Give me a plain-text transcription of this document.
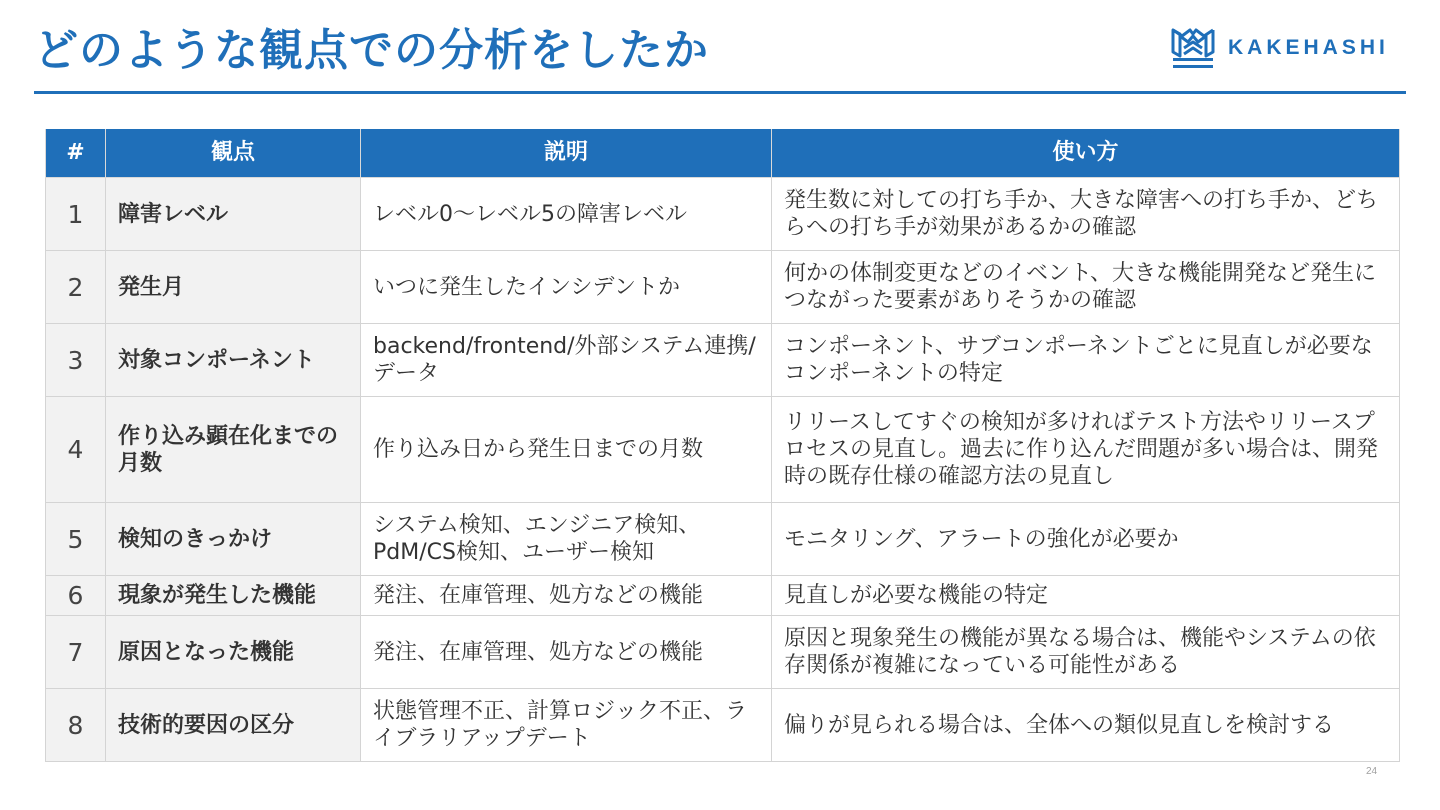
どのような観点での分析をしたか	KAKEHASHI
#	観点	説明	使い方
1	障害レベル	レベル0〜レベル5の障害レベル	発生数に対しての打ち手か、大きな障害への打ち手か、どちらへの打ち手が効果があるかの確認
2	発生月	いつに発生したインシデントか	何かの体制変更などのイベント、大きな機能開発など発生につながった要素がありそうかの確認
3	対象コンポーネント	backend/frontend/外部システム連携/データ	コンポーネント、サブコンポーネントごとに見直しが必要なコンポーネントの特定
4	作り込み顕在化までの月数	作り込み日から発生日までの月数	リリースしてすぐの検知が多ければテスト方法やリリースプロセスの見直し。過去に作り込んだ問題が多い場合は、開発時の既存仕様の確認方法の見直し
5	検知のきっかけ	システム検知、エンジニア検知、PdM/CS検知、ユーザー検知	モニタリング、アラートの強化が必要か
6	現象が発生した機能	発注、在庫管理、処方などの機能	見直しが必要な機能の特定
7	原因となった機能	発注、在庫管理、処方などの機能	原因と現象発生の機能が異なる場合は、機能やシステムの依存関係が複雑になっている可能性がある
8	技術的要因の区分	状態管理不正、計算ロジック不正、ライブラリアップデート	偏りが見られる場合は、全体への類似見直しを検討する
24
